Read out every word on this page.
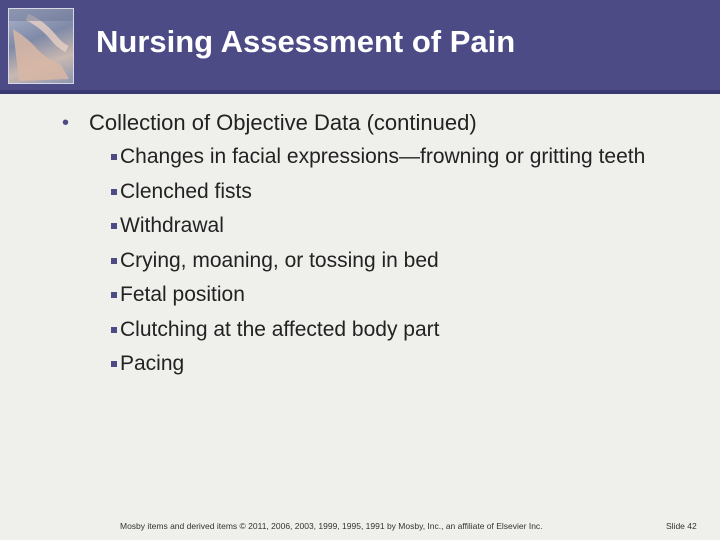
Nursing Assessment of Pain
• Collection of Objective Data (continued)
Changes in facial expressions—frowning or gritting teeth
Clenched fists
Withdrawal
Crying, moaning, or tossing in bed
Fetal position
Clutching at the affected body part
Pacing
Mosby items and derived items © 2011, 2006, 2003, 1999, 1995, 1991 by Mosby, Inc., an affiliate of Elsevier Inc.	Slide 42
